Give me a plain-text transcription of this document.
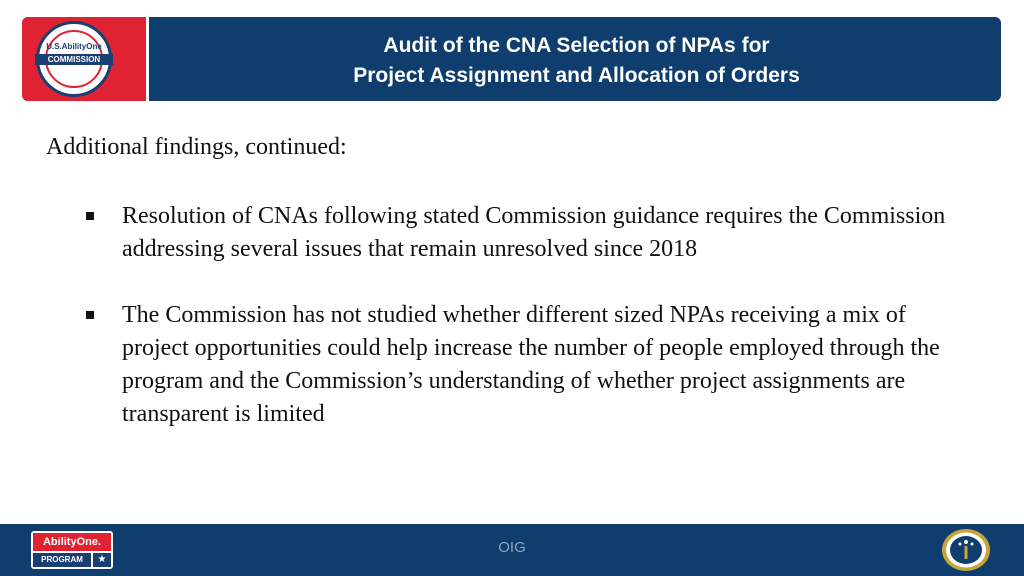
U.S.AbilityOne
COMMISSION
Audit of the CNA Selection of NPAs for
Project Assignment and Allocation of Orders
Additional findings, continued:
Resolution of CNAs following stated Commission guidance requires the Commission addressing several issues that remain unresolved since 2018
The Commission has not studied whether different sized NPAs receiving a mix of project opportunities could help increase the number of people employed through the program and the Commission’s understanding of whether project assignments are transparent is limited
AbilityOne.
PROGRAM	★
OIG
